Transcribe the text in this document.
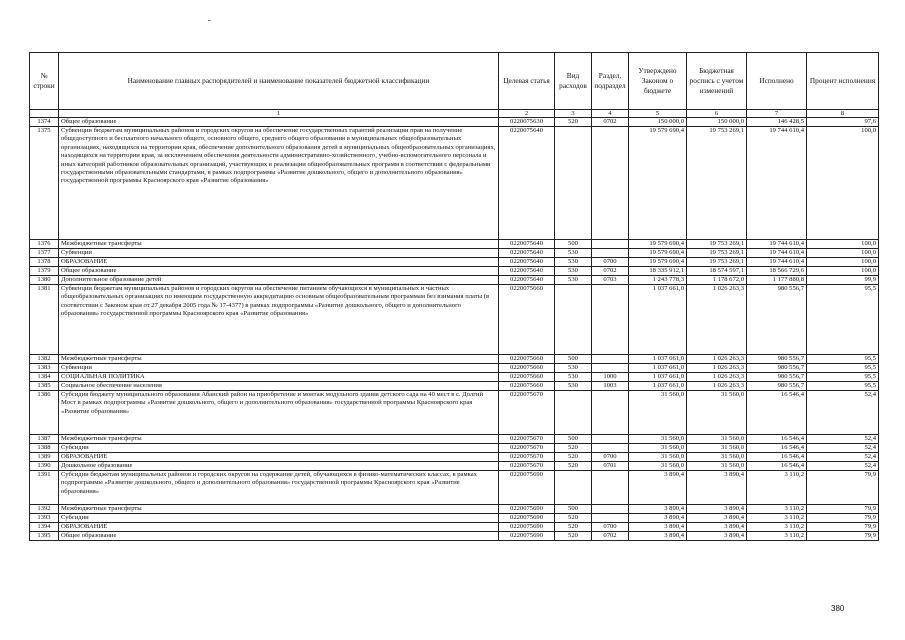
№ строки	Наименование главных распорядителей и наименование показателей бюджетной классификации	Целевая статья	Вид расходов	Раздел, подраздел	Утверждено Законом о бюджете	Бюджетная роспись с учетом изменений	Исполнено	Процент исполнения
	1	2	3	4	5	6	7	8
1374	Общее образование	0220075630	520	0702	150 000,0	150 000,0	146 428,5	97,6
1375	Субвенции бюджетам муниципальных районов и городских округов на обеспечение государственных гарантий реализации прав на получение общедоступного и бесплатного начального общего, основного общего, среднего общего образования в муниципальных общеобразовательных организациях, находящихся на территории края, обеспечение дополнительного образования детей в муниципальных общеобразовательных организациях, находящихся на территории края, за исключением обеспечения деятельности административно-хозяйственного, учебно-вспомогательного персонала и иных категорий работников образовательных организаций, участвующих в реализации общеобразовательных программ в соответствии с федеральными государственными образовательными стандартами, в рамках подпрограммы «Развитие дошкольного, общего и дополнительного образования» государственной программы Красноярского края «Развитие образования»	0220075640			19 579 690,4	19 753 269,1	19 744 610,4	100,0
1376	Межбюджетные трансферты	0220075640	500		19 579 690,4	19 753 269,1	19 744 610,4	100,0
1377	Субвенции	0220075640	530		19 579 690,4	19 753 269,1	19 744 610,4	100,0
1378	ОБРАЗОВАНИЕ	0220075640	530	0700	19 579 690,4	19 753 269,1	19 744 610,4	100,0
1379	Общее образование	0220075640	530	0702	18 335 912,1	18 574 597,1	18 566 729,6	100,0
1380	Дополнительное образование детей	0220075640	530	0703	1 243 778,3	1 178 672,0	1 177 880,8	99,9
1381	Субвенции бюджетам муниципальных районов и городских округов на обеспечение питанием обучающихся в муниципальных и частных общеобразовательных организациях по имеющим государственную аккредитацию основным общеобразовательным программам без взимания платы (в соответствии с Законом края от 27 декабря 2005 года № 17-4377) в рамках подпрограммы «Развитие дошкольного, общего и дополнительного образования» государственной программы Красноярского края «Развитие образования»	0220075660			1 037 661,0	1 026 263,3	980 556,7	95,5
1382	Межбюджетные трансферты	0220075660	500		1 037 661,0	1 026 263,3	980 556,7	95,5
1383	Субвенции	0220075660	530		1 037 661,0	1 026 263,3	980 556,7	95,5
1384	СОЦИАЛЬНАЯ ПОЛИТИКА	0220075660	530	1000	1 037 661,0	1 026 263,3	980 556,7	95,5
1385	Социальное обеспечение населения	0220075660	530	1003	1 037 661,0	1 026 263,3	980 556,7	95,5
1386	Субсидия бюджету муниципального образования Абанский район на приобретение и монтаж модульного здания детского сада на 40 мест в с. Долгий Мост в рамках подпрограммы «Развитие дошкольного, общего и дополнительного образования» государственной программы Красноярского края «Развитие образования»	0220075670			31 560,0	31 560,0	16 546,4	52,4
1387	Межбюджетные трансферты	0220075670	500		31 560,0	31 560,0	16 546,4	52,4
1388	Субсидии	0220075670	520		31 560,0	31 560,0	16 546,4	52,4
1389	ОБРАЗОВАНИЕ	0220075670	520	0700	31 560,0	31 560,0	16 546,4	52,4
1390	Дошкольное образование	0220075670	520	0701	31 560,0	31 560,0	16 546,4	52,4
1391	Субсидии бюджетам муниципальных районов и городских округов на содержание детей, обучающихся в физико-математических классах, в рамках подпрограммы «Развитие дошкольного, общего и дополнительного образования» государственной программы Красноярского края «Развитие образования»	0220075690			3 890,4	3 890,4	3 110,2	79,9
1392	Межбюджетные трансферты	0220075690	500		3 890,4	3 890,4	3 110,2	79,9
1393	Субсидии	0220075690	520		3 890,4	3 890,4	3 110,2	79,9
1394	ОБРАЗОВАНИЕ	0220075690	520	0700	3 890,4	3 890,4	3 110,2	79,9
1395	Общее образование	0220075690	520	0702	3 890,4	3 890,4	3 110,2	79,9
380
